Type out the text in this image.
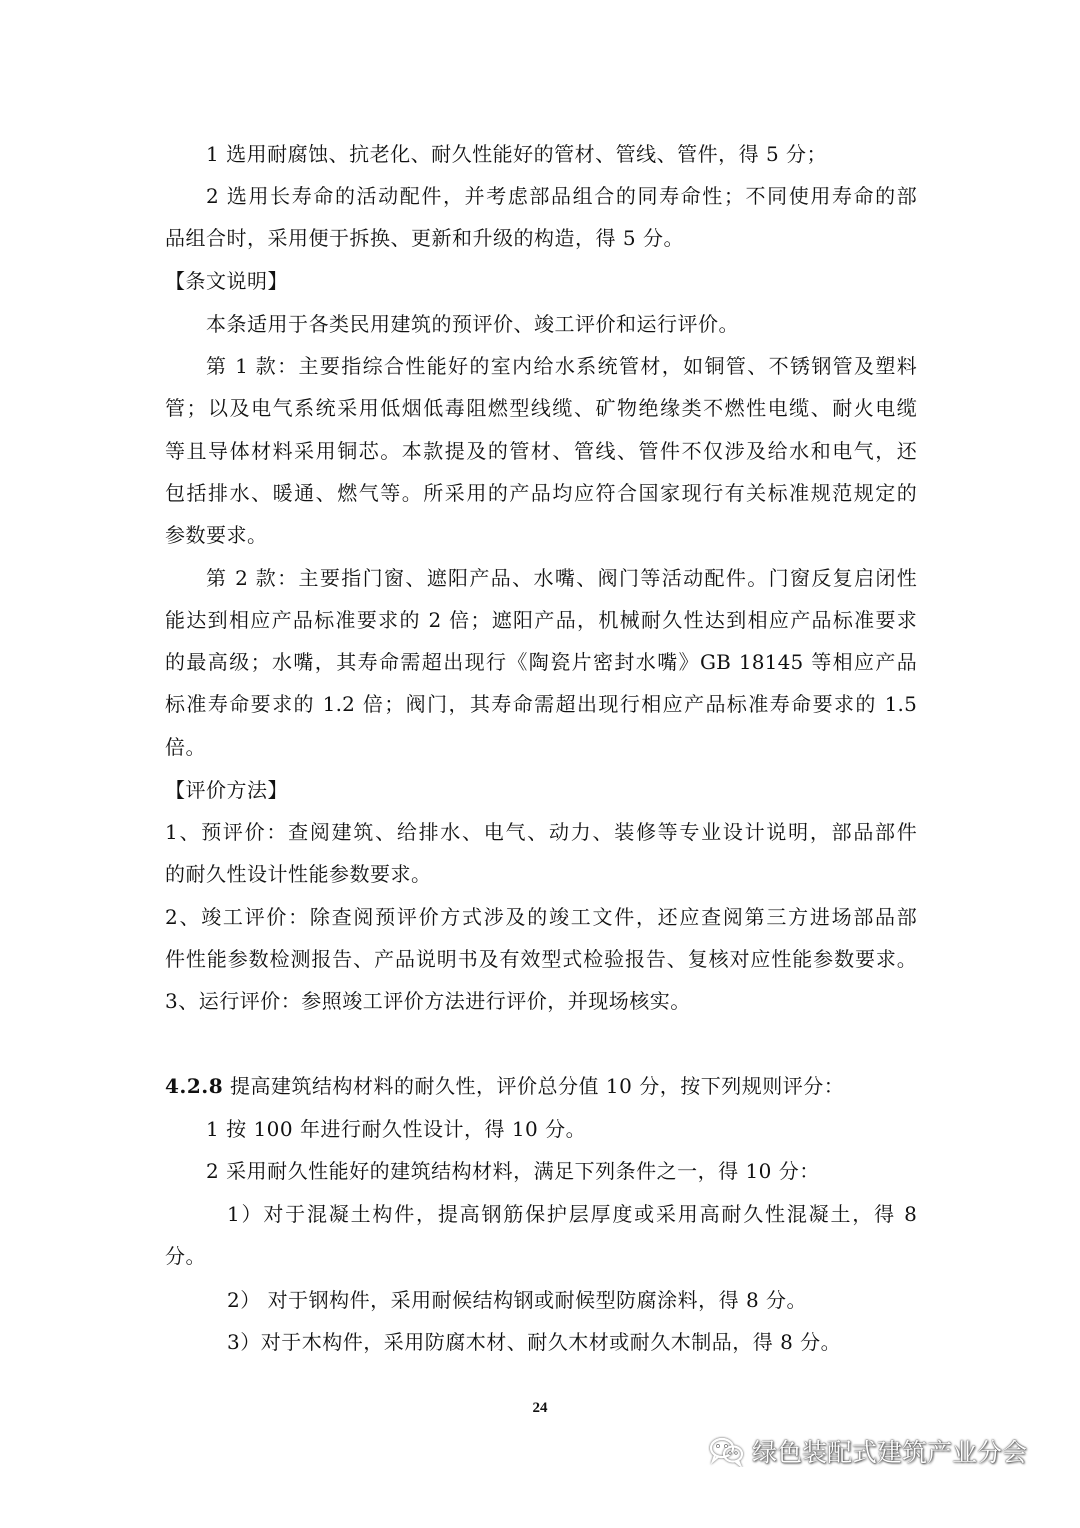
1 选用耐腐蚀、抗老化、耐久性能好的管材、管线、管件，得 5 分；
2 选用长寿命的活动配件，并考虑部品组合的同寿命性；不同使用寿命的部
品组合时，采用便于拆换、更新和升级的构造，得 5 分。
【条文说明】
本条适用于各类民用建筑的预评价、竣工评价和运行评价。
第 1 款：主要指综合性能好的室内给水系统管材，如铜管、不锈钢管及塑料
管；以及电气系统采用低烟低毒阻燃型线缆、矿物绝缘类不燃性电缆、耐火电缆
等且导体材料采用铜芯。本款提及的管材、管线、管件不仅涉及给水和电气，还
包括排水、暖通、燃气等。所采用的产品均应符合国家现行有关标准规范规定的
参数要求。
第 2 款：主要指门窗、遮阳产品、水嘴、阀门等活动配件。门窗反复启闭性
能达到相应产品标准要求的 2 倍；遮阳产品，机械耐久性达到相应产品标准要求
的最高级；水嘴，其寿命需超出现行《陶瓷片密封水嘴》GB 18145 等相应产品
标准寿命要求的 1.2 倍；阀门，其寿命需超出现行相应产品标准寿命要求的 1.5
倍。
【评价方法】
1、预评价：查阅建筑、给排水、电气、动力、装修等专业设计说明，部品部件
的耐久性设计性能参数要求。
2、竣工评价：除查阅预评价方式涉及的竣工文件，还应查阅第三方进场部品部
件性能参数检测报告、产品说明书及有效型式检验报告、复核对应性能参数要求。
3、运行评价：参照竣工评价方法进行评价，并现场核实。
4.2.8 提高建筑结构材料的耐久性，评价总分值 10 分，按下列规则评分：
1 按 100 年进行耐久性设计，得 10 分。
2 采用耐久性能好的建筑结构材料，满足下列条件之一，得 10 分：
1）对于混凝土构件，提高钢筋保护层厚度或采用高耐久性混凝土，得 8
分。
2） 对于钢构件，采用耐候结构钢或耐候型防腐涂料，得 8 分。
3）对于木构件，采用防腐木材、耐久木材或耐久木制品，得 8 分。
24
绿色装配式建筑产业分会
